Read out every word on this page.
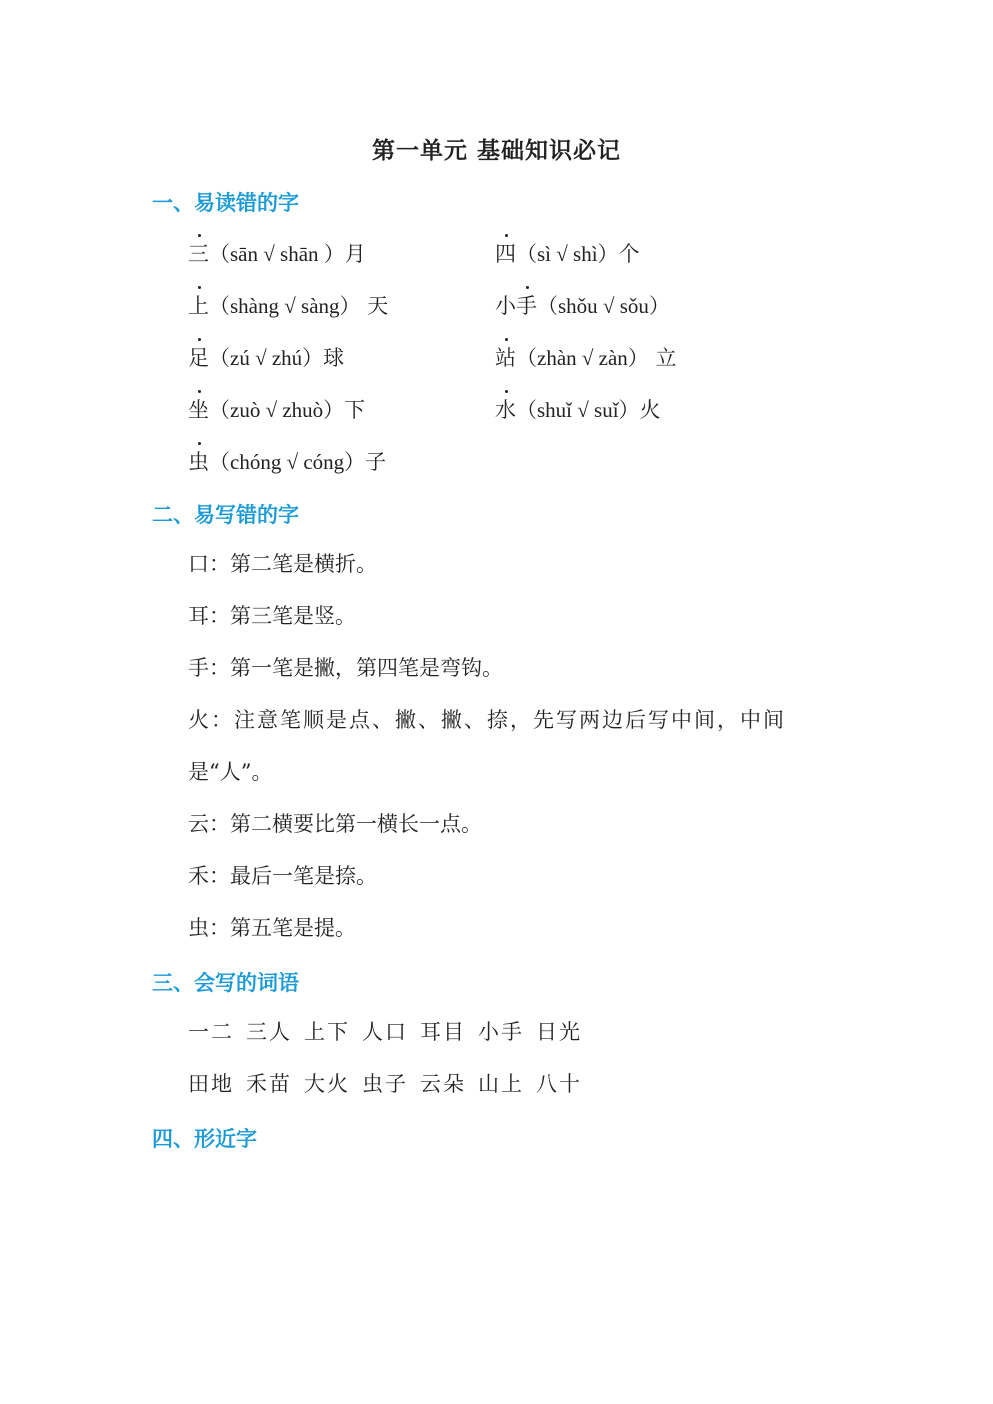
第一单元 基础知识必记
一、易读错的字
三（sān √ shān ）月	四（sì √ shì）个
上（shàng √ sàng） 天	小手（shǒu √ sǒu）
足（zú √ zhú）球	站（zhàn √ zàn） 立
坐（zuò √ zhuò）下	水（shuǐ √ suǐ）火
虫（chóng √ cóng）子
二、易写错的字
口：第二笔是横折。
耳：第三笔是竖。
手：第一笔是撇，第四笔是弯钩。
火：注意笔顺是点、撇、撇、捺，先写两边后写中间，中间
是“人”。
云：第二横要比第一横长一点。
禾：最后一笔是捺。
虫：第五笔是提。
三、会写的词语
一二 三人 上下 人口 耳目 小手 日光
田地 禾苗 大火 虫子 云朵 山上 八十
四、形近字
